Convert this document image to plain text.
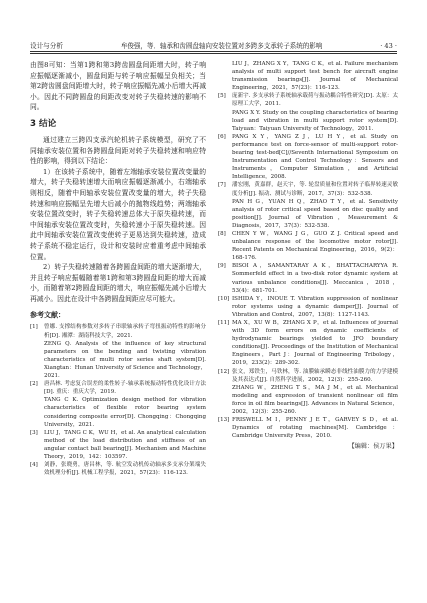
设计与分析	牟俊强，等．轴承和齿圆盘轴向安装位置对多跨多支承转子系统的影响	· 43 ·

由图8可知：当第1跨和第3跨齿圆盘间距增大时，转子响应振幅逐渐减小，圆盘间距与转子响应振幅呈负相关；当第2跨齿圆盘间距增大时，转子响应振幅先减小后增大再减小。因此不同跨圆盘的间距改变对转子失稳转速的影响不同。

3 结论

通过建立三跨四支承汽轮机转子系统模型，研究了不同轴承安装位置和各跨圆盘间距对转子失稳转速和响应特性的影响，得到以下结论：

1）在该转子系统中，随着左端轴承安装位置改变量的增大，转子失稳转速增大而响应振幅逐渐减小，右端轴承则相反，随着中间轴承安装位置改变量的增大，转子失稳转速和响应振幅呈先增大后减小的抛物线趋势；两端轴承安装位置改变时，转子失稳转速总体大于原失稳转速，而中间轴承安装位置改变时，失稳转速小于原失稳转速。因此中间轴承安装位置改变使转子更易达到失稳转速，造成转子系统不稳定运行，设计和安装时应着重考虑中间轴承位置。

2）转子失稳转速随着各跨圆盘间距的增大逐渐增大，并且转子响应振幅随着第1跨和第3跨圆盘间距的增大而减小，而随着第2跨圆盘间距的增大，响应振幅先减小后增大再减小。因此在设计中各跨圆盘间距应尽可能大。

参考文献：
[1]	曾娜. 支撑结构参数对多转子串联轴承转子弯扭振动特性的影响分析[D]. 湘潭：湖南科技大学，2021.
ZENG Q. Analysis of the influence of key structural parameters on the bending and twisting vibration characteristics of multi rotor series shaft system[D]. Xiangtan：Hunan University of Science and Technology，2021.
[2]	唐昌林. 考虑复合误差的柔性转子-轴承系统振动特性优化设计方法[D]. 重庆：重庆大学，2019.
TANG C K. Optimization design method for vibration characteristics of flexible rotor bearing system considering composite error[D]. Chongqing：Chongqing University，2021.
[3]	LIU J，TANG C K，WU H，et al. An analytical calculation method of the load distribution and stiffness of an angular contact ball bearing[J]. Mechanism and Machine Theory，2019，142：103597.
[4]	刘静，张晓勇，唐昌林，等. 航空发动机传动轴承多支承分架端失效机理分析[J]. 机械工程学报，2021，57(23)：116-123.
LIU J，ZHANG X Y，TANG C K，et al. Failure mechanism analysis of multi support test bench for aircraft engine transmission bearings[J]. Journal of Mechanical Engineering，2021，57(23)：116-123.
[5]	庞新宇. 多支承转子系统轴承载荷与振动耦合特性研究[D]. 太原：太原理工大学，2011.
PANG X Y. Study on the coupling characteristics of bearing load and vibration in multi support rotor system[D]. Taiyuan：Taiyuan University of Technology，2011.
[6]	PANG X Y，YANG Z J，LU H Y，et al. Study on performance test on force-sensor of multi-support rotor-bearing test-bed[C]//Seventh International Symposium on Instrumentation and Control Technology：Sensors and Instruments，Computer Simulation，and Artificial Intelligence，2008.
[7]	潘宏刚，黄嘉群，赵天宇，等. 轮盘质量和位置对转子临界转速灵敏度分析[J]. 振动、测试与诊断，2017，37(3)：532-538.
PAN H G，YUAN H Q，ZHAO T Y，et al. Sensitivity analysis of rotor critical speed based on disc quality and position[J]. Journal of Vibration，Measurement & Diagnosis，2017，37(3)：532-538.
[8]	CHEN Y W，WANG J G，GUO Z J. Critical speed and unbalance response of the locomotive motor rotor[J]. Recent Patents on Mechanical Engineering，2016，9(2)：168-176.
[9]	BISOI A，SAMANTARAY A K，BHATTACHARYYA R. Sommerfeld effect in a two-disk rotor dynamic system at various unbalance conditions[J]. Meccanica，2018，53(4)：681-701.
[10] ISHIDA Y，INOUE T. Vibration suppression of nonlinear rotor systems using a dynamic damper[J]. Journal of Vibration and Control，2007，13(8)：1127-1143.
[11] MA X，XU W B，ZHANG X P，et al. Influences of journal with 3D form errors on dynamic coefficients of hydrodynamic bearings yielded to JFO boundary conditions[J]. Proceedings of the Institution of Mechanical Engineers，Part J：Journal of Engineering Tribology，2019，233(2)：289-302.
[12] 张文，郑铁生，马铁林，等. 油膜轴承瞬态非线性油膜力的力学建模及其表达式[J]. 自然科学进展，2002，12(3)：255-260.
ZHANG W，ZHENG T S，MA J M，et al. Mechanical modeling and expression of transient nonlinear oil film force in oil film bearings[J]. Advances in Natural Science，2002，12(3)：255-260.
[13] FRISWELL M I，PENNY J E T，GARVEY S D，et al. Dynamics of rotating machines[M]. Cambridge：Cambridge University Press，2010.
【编辑：侯万果】
